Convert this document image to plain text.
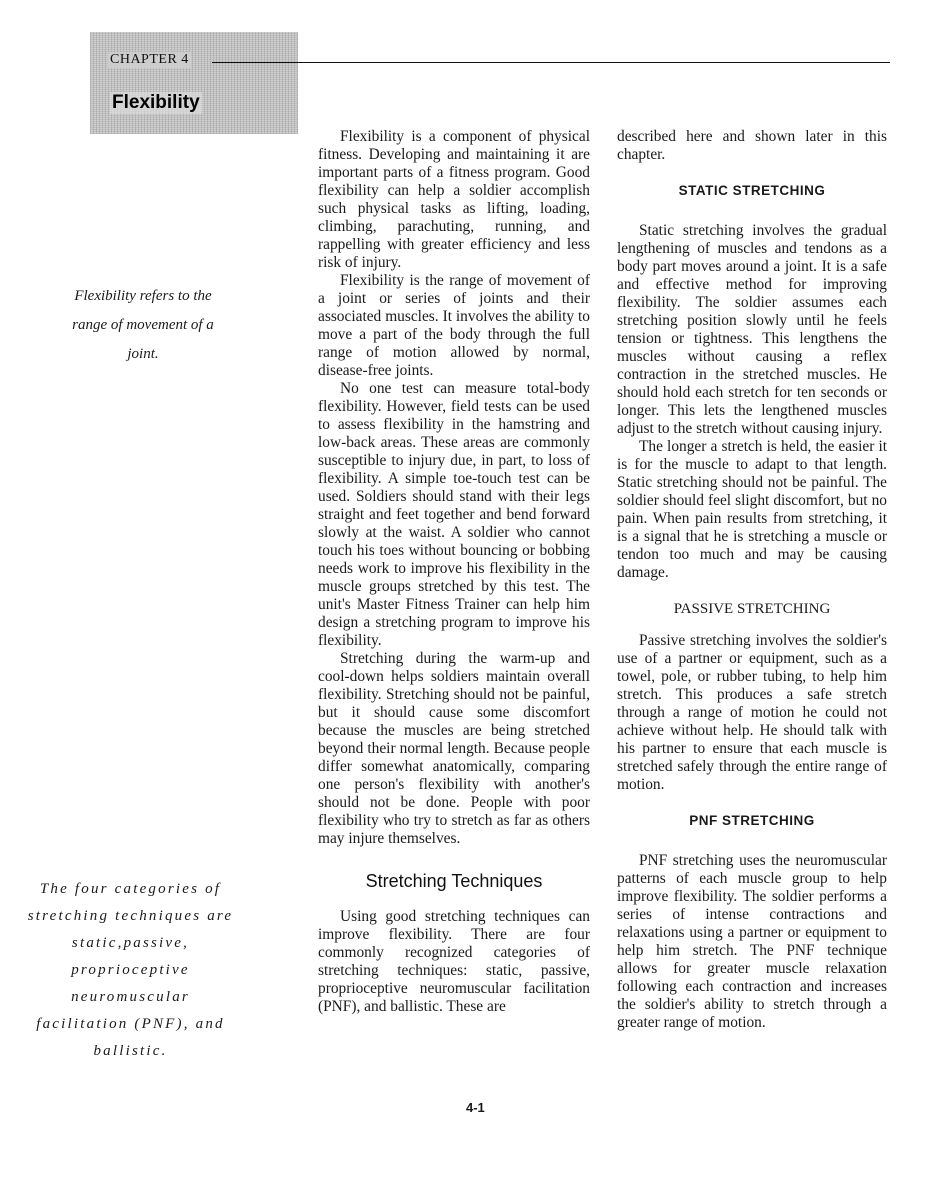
CHAPTER 4
Flexibility
Flexibility refers to the range of movement of a joint.
The four categories of
stretching techniques are
static,passive,
proprioceptive
neuromuscular
facilitation (PNF), and
ballistic.

Flexibility is a component of physical fitness. Developing and maintaining it are important parts of a fitness program. Good flexibility can help a soldier accomplish such physical tasks as lifting, loading, climbing, parachuting, running, and rappelling with greater efficiency and less risk of injury.

Flexibility is the range of movement of a joint or series of joints and their associated muscles. It involves the ability to move a part of the body through the full range of motion allowed by normal, disease-free joints.

No one test can measure total-body flexibility. However, field tests can be used to assess flexibility in the hamstring and low-back areas. These areas are commonly susceptible to injury due, in part, to loss of flexibility. A simple toe-touch test can be used. Soldiers should stand with their legs straight and feet together and bend forward slowly at the waist. A soldier who cannot touch his toes without bouncing or bobbing needs work to improve his flexibility in the muscle groups stretched by this test. The unit's Master Fitness Trainer can help him design a stretching program to improve his flexibility.

Stretching during the warm-up and cool-down helps soldiers maintain overall flexibility. Stretching should not be painful, but it should cause some discomfort because the muscles are being stretched beyond their normal length. Because people differ somewhat anatomically, comparing one person's flexibility with another's should not be done. People with poor flexibility who try to stretch as far as others may injure themselves.

Stretching Techniques

Using good stretching techniques can improve flexibility. There are four commonly recognized categories of stretching techniques: static, passive, proprioceptive neuromuscular facilitation (PNF), and ballistic. These are

described here and shown later in this chapter.

STATIC STRETCHING

Static stretching involves the gradual lengthening of muscles and tendons as a body part moves around a joint. It is a safe and effective method for improving flexibility. The soldier assumes each stretching position slowly until he feels tension or tightness. This lengthens the muscles without causing a reflex contraction in the stretched muscles. He should hold each stretch for ten seconds or longer. This lets the lengthened muscles adjust to the stretch without causing injury.

The longer a stretch is held, the easier it is for the muscle to adapt to that length. Static stretching should not be painful. The soldier should feel slight discomfort, but no pain. When pain results from stretching, it is a signal that he is stretching a muscle or tendon too much and may be causing damage.

PASSIVE STRETCHING

Passive stretching involves the soldier's use of a partner or equipment, such as a towel, pole, or rubber tubing, to help him stretch. This produces a safe stretch through a range of motion he could not achieve without help. He should talk with his partner to ensure that each muscle is stretched safely through the entire range of motion.

PNF STRETCHING

PNF stretching uses the neuromuscular patterns of each muscle group to help improve flexibility. The soldier performs a series of intense contractions and relaxations using a partner or equipment to help him stretch. The PNF technique allows for greater muscle relaxation following each contraction and increases the soldier's ability to stretch through a greater range of motion.

4-1
